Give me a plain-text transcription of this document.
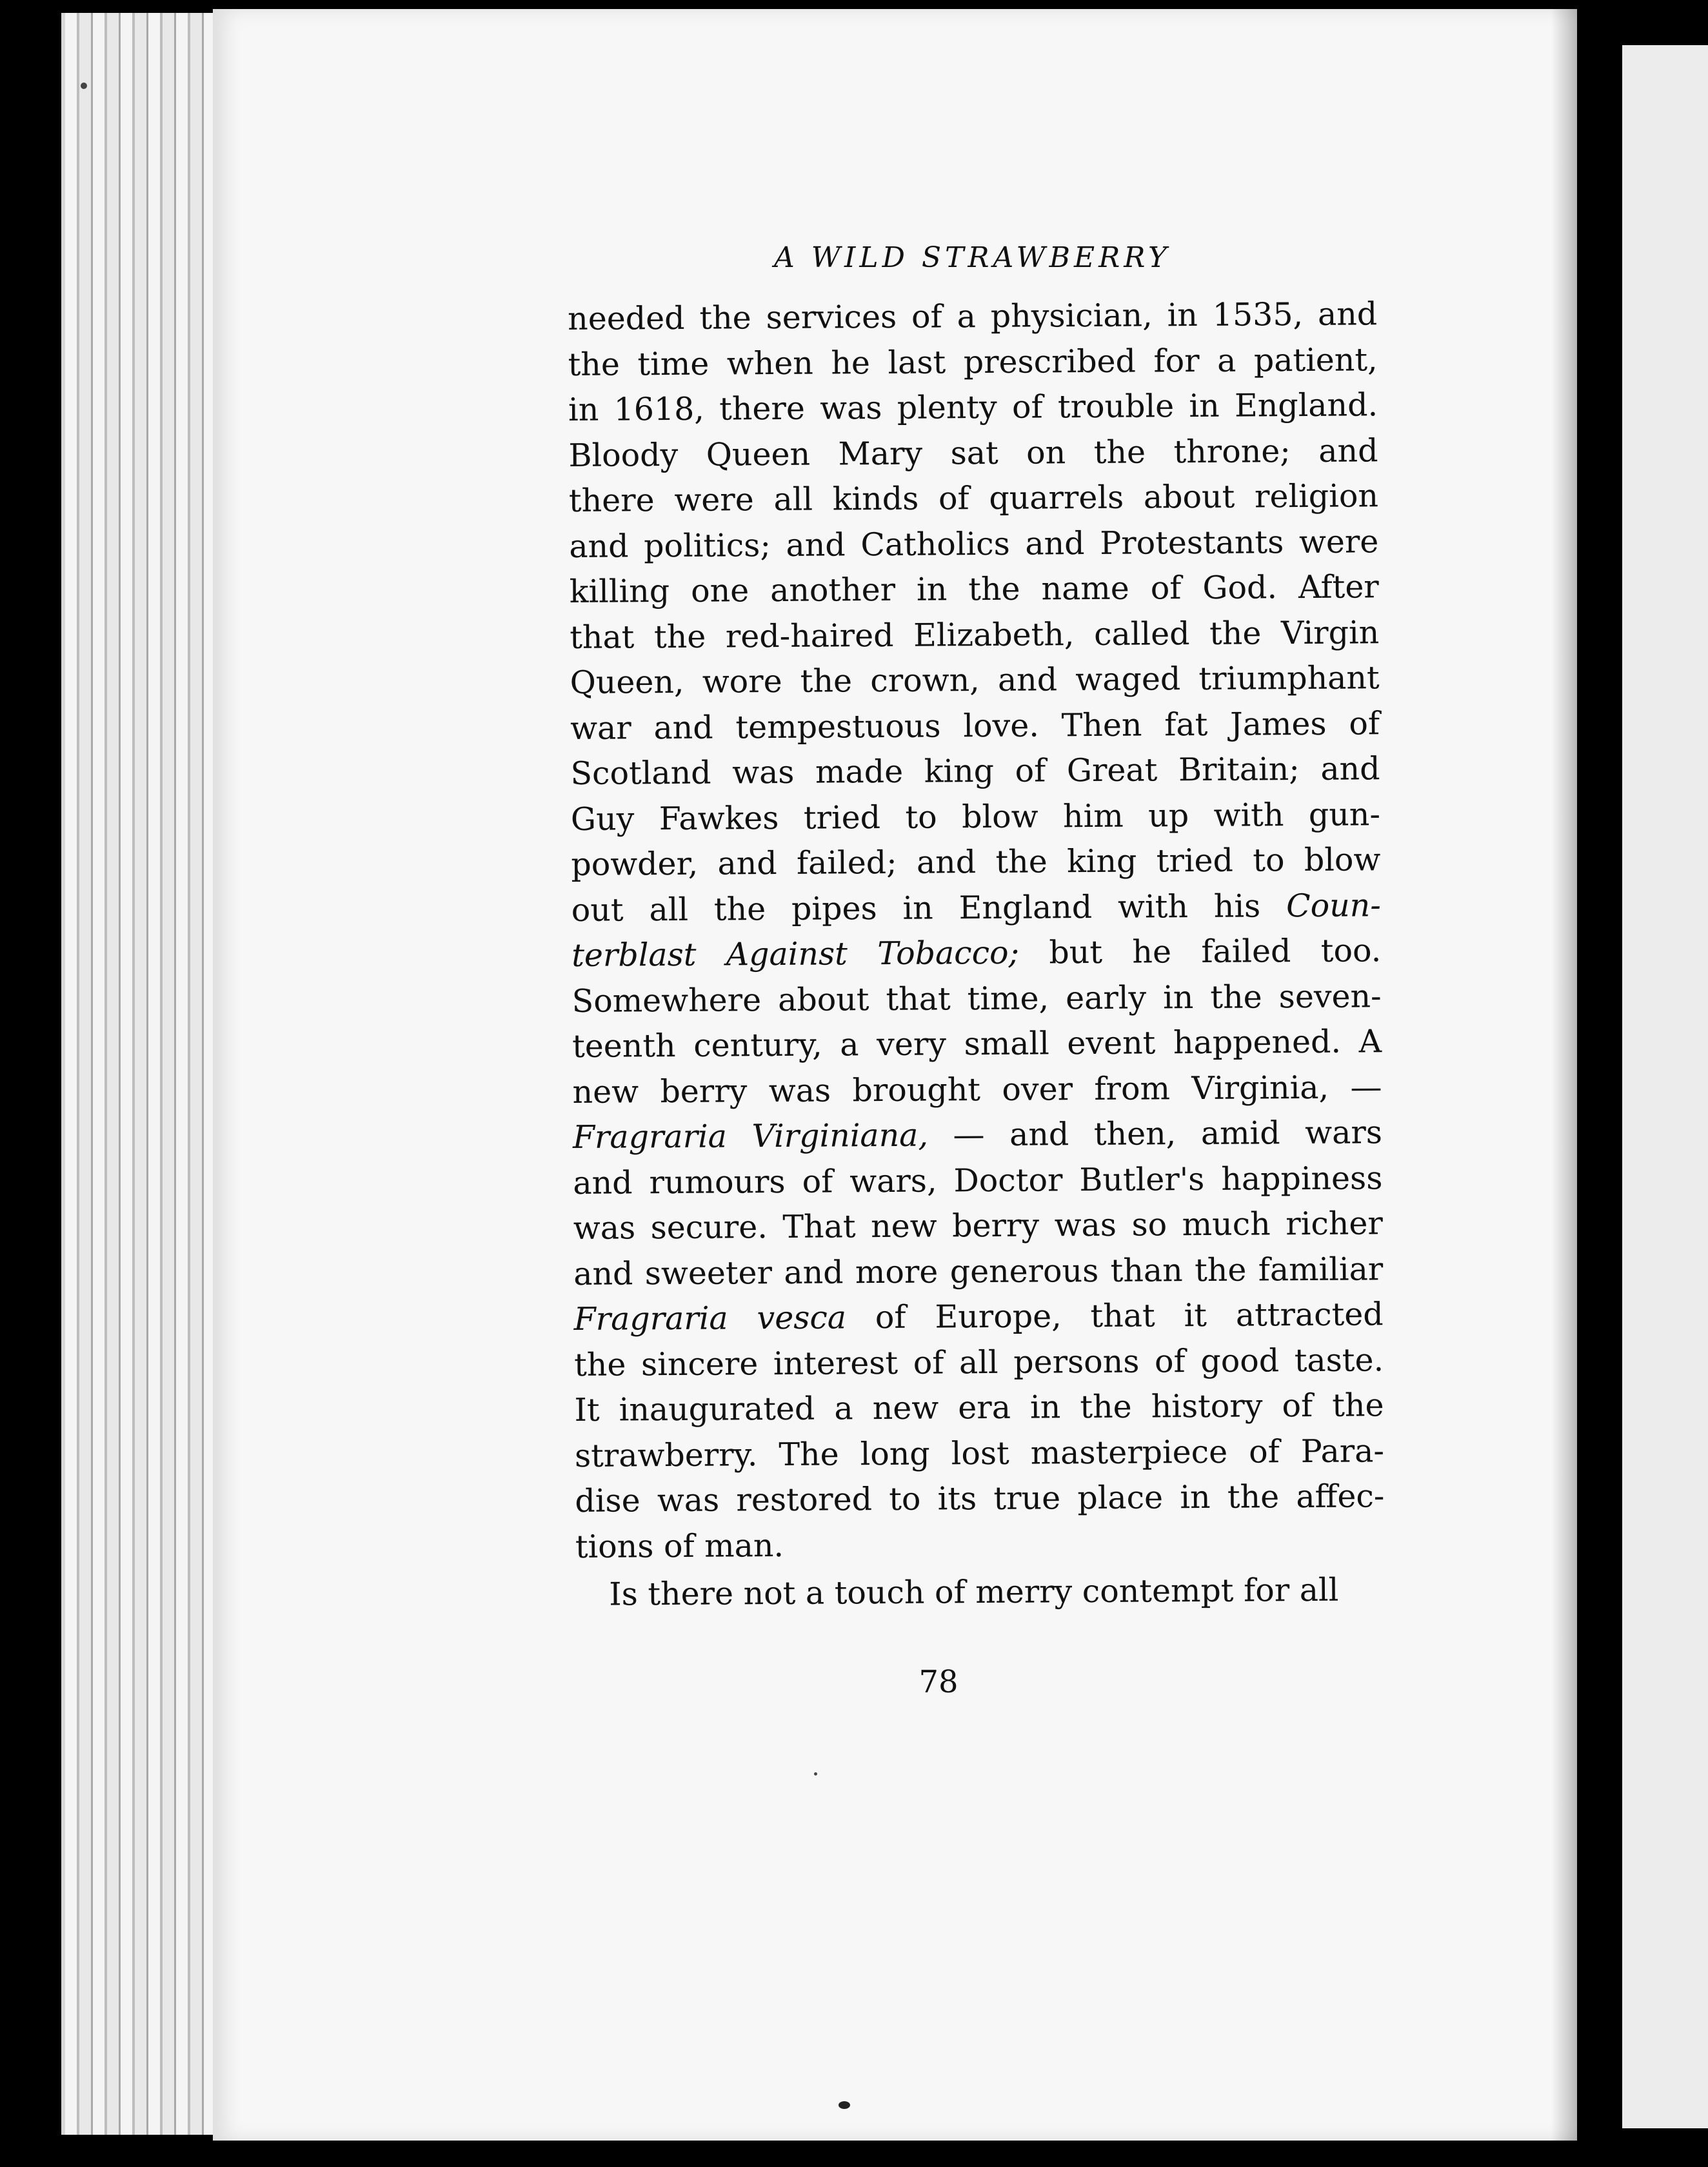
A WILD STRAWBERRY
needed the services of a physician, in 1535, and
the time when he last prescribed for a patient,
in 1618, there was plenty of trouble in England.
Bloody Queen Mary sat on the throne; and
there were all kinds of quarrels about religion
and politics; and Catholics and Protestants were
killing one another in the name of God. After
that the red-haired Elizabeth, called the Virgin
Queen, wore the crown, and waged triumphant
war and tempestuous love. Then fat James of
Scotland was made king of Great Britain; and
Guy Fawkes tried to blow him up with gun-
powder, and failed; and the king tried to blow
out all the pipes in England with his Coun-
terblast Against Tobacco; but he failed too.
Somewhere about that time, early in the seven-
teenth century, a very small event happened. A
new berry was brought over from Virginia, —
Fragraria Virginiana, — and then, amid wars
and rumours of wars, Doctor Butler's happiness
was secure. That new berry was so much richer
and sweeter and more generous than the familiar
Fragraria vesca of Europe, that it attracted
the sincere interest of all persons of good taste.
It inaugurated a new era in the history of the
strawberry. The long lost masterpiece of Para-
dise was restored to its true place in the affec-
tions of man.
Is there not a touch of merry contempt for all
78
